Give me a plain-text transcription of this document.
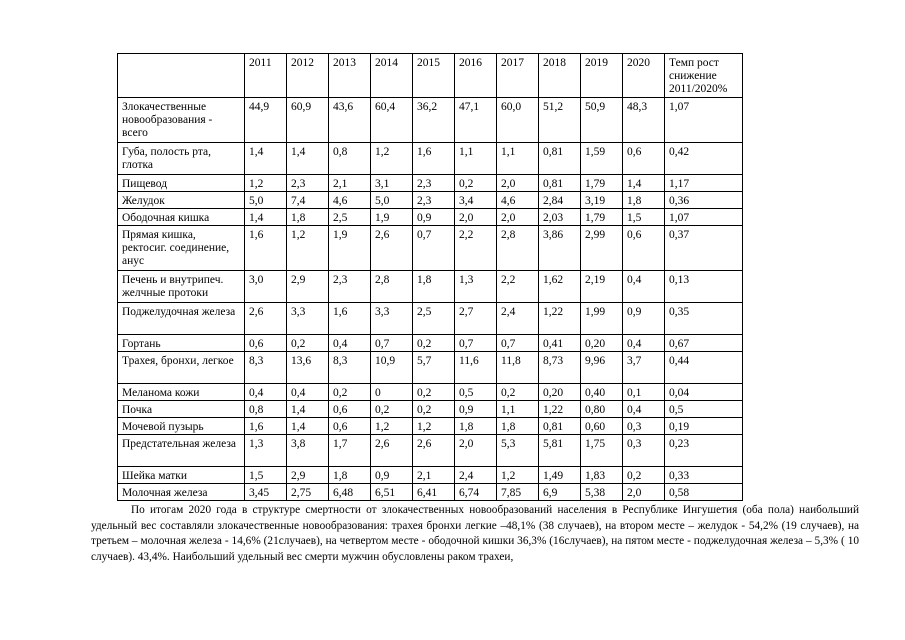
	2011	2012	2013	2014	2015	2016	2017	2018	2019	2020	Темп рост снижение 2011/2020%
Злокачественные новообразования - всего	44,9	60,9	43,6	60,4	36,2	47,1	60,0	51,2	50,9	48,3	1,07
Губа, полость рта, глотка	1,4	1,4	0,8	1,2	1,6	1,1	1,1	0,81	1,59	0,6	0,42
Пищевод	1,2	2,3	2,1	3,1	2,3	0,2	2,0	0,81	1,79	1,4	1,17
Желудок	5,0	7,4	4,6	5,0	2,3	3,4	4,6	2,84	3,19	1,8	0,36
Ободочная кишка	1,4	1,8	2,5	1,9	0,9	2,0	2,0	2,03	1,79	1,5	1,07
Прямая кишка, ректосиг. соединение, анус	1,6	1,2	1,9	2,6	0,7	2,2	2,8	3,86	2,99	0,6	0,37
Печень и внутрипеч. желчные протоки	3,0	2,9	2,3	2,8	1,8	1,3	2,2	1,62	2,19	0,4	0,13
Поджелудочная железа	2,6	3,3	1,6	3,3	2,5	2,7	2,4	1,22	1,99	0,9	0,35
Гортань	0,6	0,2	0,4	0,7	0,2	0,7	0,7	0,41	0,20	0,4	0,67
Трахея, бронхи, легкое	8,3	13,6	8,3	10,9	5,7	11,6	11,8	8,73	9,96	3,7	0,44
Меланома кожи	0,4	0,4	0,2	0	0,2	0,5	0,2	0,20	0,40	0,1	0,04
Почка	0,8	1,4	0,6	0,2	0,2	0,9	1,1	1,22	0,80	0,4	0,5
Мочевой пузырь	1,6	1,4	0,6	1,2	1,2	1,8	1,8	0,81	0,60	0,3	0,19
Предстательная железа	1,3	3,8	1,7	2,6	2,6	2,0	5,3	5,81	1,75	0,3	0,23
Шейка матки	1,5	2,9	1,8	0,9	2,1	2,4	1,2	1,49	1,83	0,2	0,33
Молочная железа	3,45	2,75	6,48	6,51	6,41	6,74	7,85	6,9	5,38	2,0	0,58

По итогам 2020 года в структуре смертности от злокачественных новообразований населения в Республике Ингушетия (оба пола) наибольший удельный вес составляли злокачественные новообразования: трахея бронхи легкие –48,1% (38 случаев), на втором месте – желудок - 54,2% (19 случаев), на третьем – молочная железа - 14,6% (21случаев), на четвертом месте - ободочной кишки 36,3% (16случаев), на пятом месте - поджелудочная железа – 5,3% ( 10 случаев). 43,4%. Наибольший удельный вес смерти мужчин обусловлены раком трахеи,
